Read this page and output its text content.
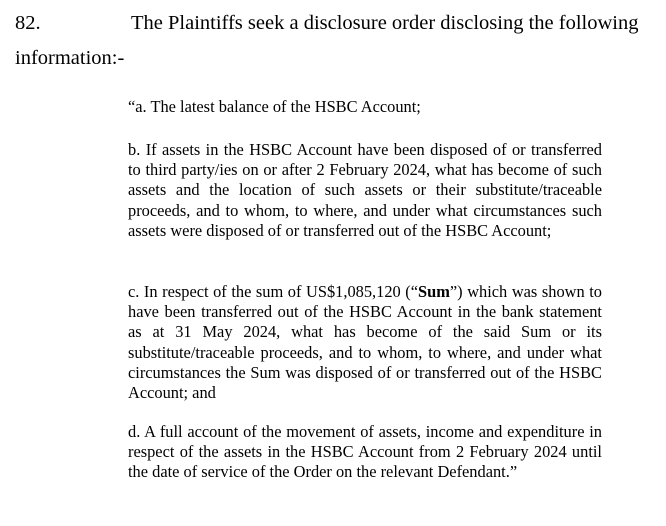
82.	The Plaintiffs seek a disclosure order disclosing the following
information:-
“a. The latest balance of the HSBC Account;
b. If assets in the HSBC Account have been disposed of or transferred to third party/ies on or after 2 February 2024, what has become of such assets and the location of such assets or their substitute/traceable proceeds, and to whom, to where, and under what circumstances such assets were disposed of or transferred out of the HSBC Account;
c. In respect of the sum of US$1,085,120 (“Sum”) which was shown to have been transferred out of the HSBC Account in the bank statement as at 31 May 2024, what has become of the said Sum or its substitute/traceable proceeds, and to whom, to where, and under what circumstances the Sum was disposed of or transferred out of the HSBC Account; and
d. A full account of the movement of assets, income and expenditure in respect of the assets in the HSBC Account from 2 February 2024 until the date of service of the Order on the relevant Defendant.”
